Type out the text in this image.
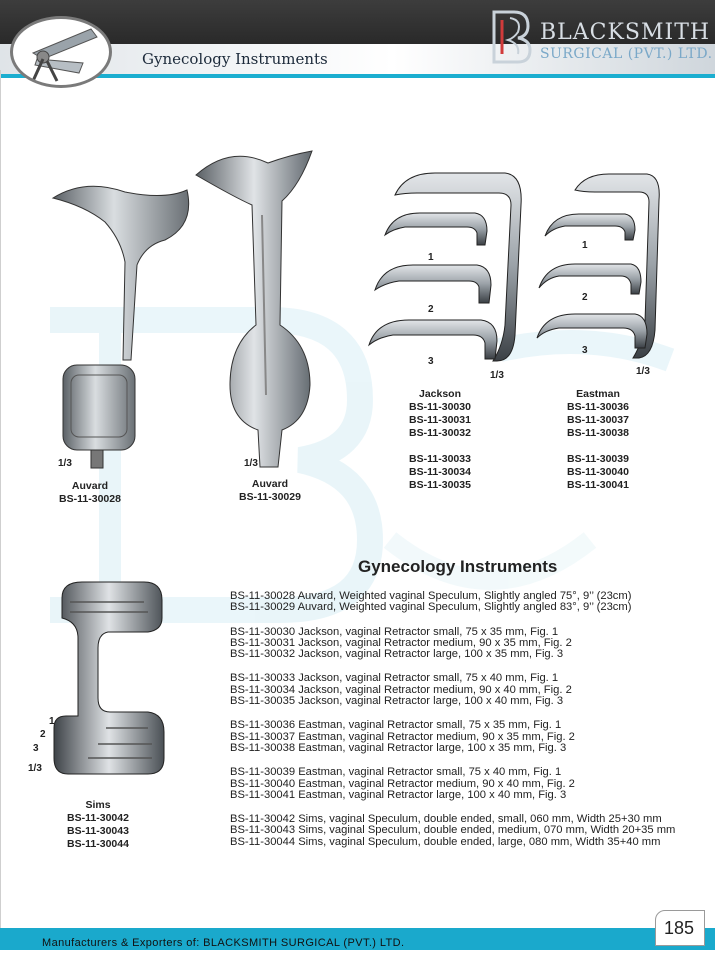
Gynecology Instruments
BLACKSMITH
SURGICAL (PVT.) LTD.
1/3
Auvard
BS-11-30028
1/3
Auvard
BS-11-30029
1
2
3
1/3
Jackson
BS-11-30030
BS-11-30031
BS-11-30032
BS-11-30033
BS-11-30034
BS-11-30035
1
2
3
1/3
Eastman
BS-11-30036
BS-11-30037
BS-11-30038
BS-11-30039
BS-11-30040
BS-11-30041
1
2
3
1/3
Sims
BS-11-30042
BS-11-30043
BS-11-30044
Gynecology Instruments
BS-11-30028 Auvard, Weighted vaginal Speculum, Slightly angled 75°, 9’’ (23cm)
BS-11-30029 Auvard, Weighted vaginal Speculum, Slightly angled 83°, 9’’ (23cm)
BS-11-30030 Jackson, vaginal Retractor small, 75 x 35 mm, Fig. 1
BS-11-30031 Jackson, vaginal Retractor medium, 90 x 35 mm, Fig. 2
BS-11-30032 Jackson, vaginal Retractor large, 100 x 35 mm, Fig. 3
BS-11-30033 Jackson, vaginal Retractor small, 75 x 40 mm, Fig. 1
BS-11-30034 Jackson, vaginal Retractor medium, 90 x 40 mm, Fig. 2
BS-11-30035 Jackson, vaginal Retractor large, 100 x 40 mm, Fig. 3
BS-11-30036 Eastman, vaginal Retractor small, 75 x 35 mm, Fig. 1
BS-11-30037 Eastman, vaginal Retractor medium, 90 x 35 mm, Fig. 2
BS-11-30038 Eastman, vaginal Retractor large, 100 x 35 mm, Fig. 3
BS-11-30039 Eastman, vaginal Retractor small, 75 x 40 mm, Fig. 1
BS-11-30040 Eastman, vaginal Retractor medium, 90 x 40 mm, Fig. 2
BS-11-30041 Eastman, vaginal Retractor large, 100 x 40 mm, Fig. 3
BS-11-30042 Sims, vaginal Speculum, double ended, small, 060 mm, Width 25+30 mm
BS-11-30043 Sims, vaginal Speculum, double ended, medium, 070 mm, Width 20+35 mm
BS-11-30044 Sims, vaginal Speculum, double ended, large, 080 mm, Width 35+40 mm
Manufacturers & Exporters of: BLACKSMITH SURGICAL (PVT.) LTD.
185
